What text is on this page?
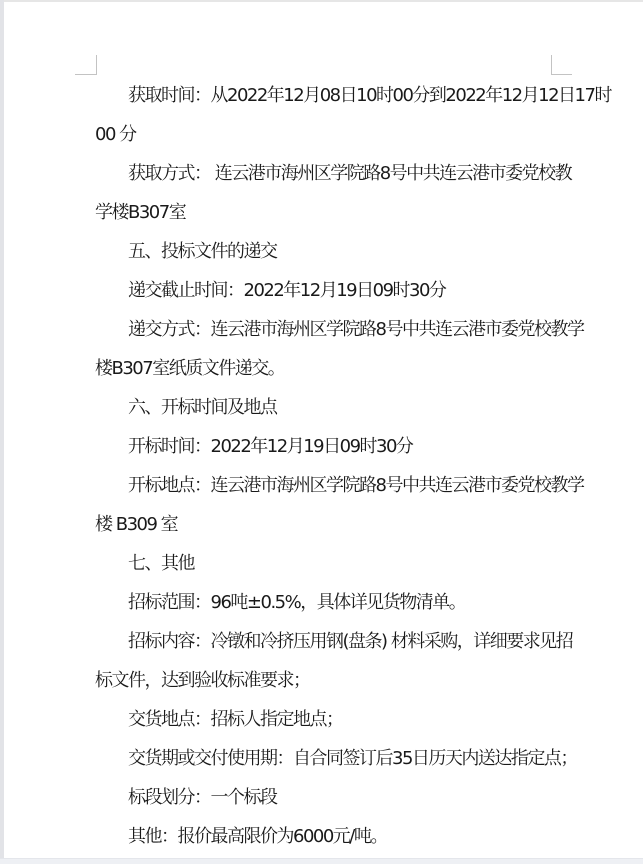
获取时间：从2022年12月08日10时00分到2022年12月12日17时
00 分
获取方式： 连云港市海州区学院路8号中共连云港市委党校教
学楼B307室
五、投标文件的递交
递交截止时间：2022年12月19日09时30分
递交方式：连云港市海州区学院路8号中共连云港市委党校教学
楼B307室纸质文件递交。
六、开标时间及地点
开标时间：2022年12月19日09时30分
开标地点：连云港市海州区学院路8号中共连云港市委党校教学
楼 B309 室
七、其他
招标范围：96吨±0.5%，具体详见货物清单。
招标内容：冷镦和冷挤压用钢(盘条) 材料采购，详细要求见招
标文件，达到验收标准要求；
交货地点：招标人指定地点；
交货期或交付使用期：自合同签订后35日历天内送达指定点；
标段划分：一个标段
其他：报价最高限价为6000元/吨。
